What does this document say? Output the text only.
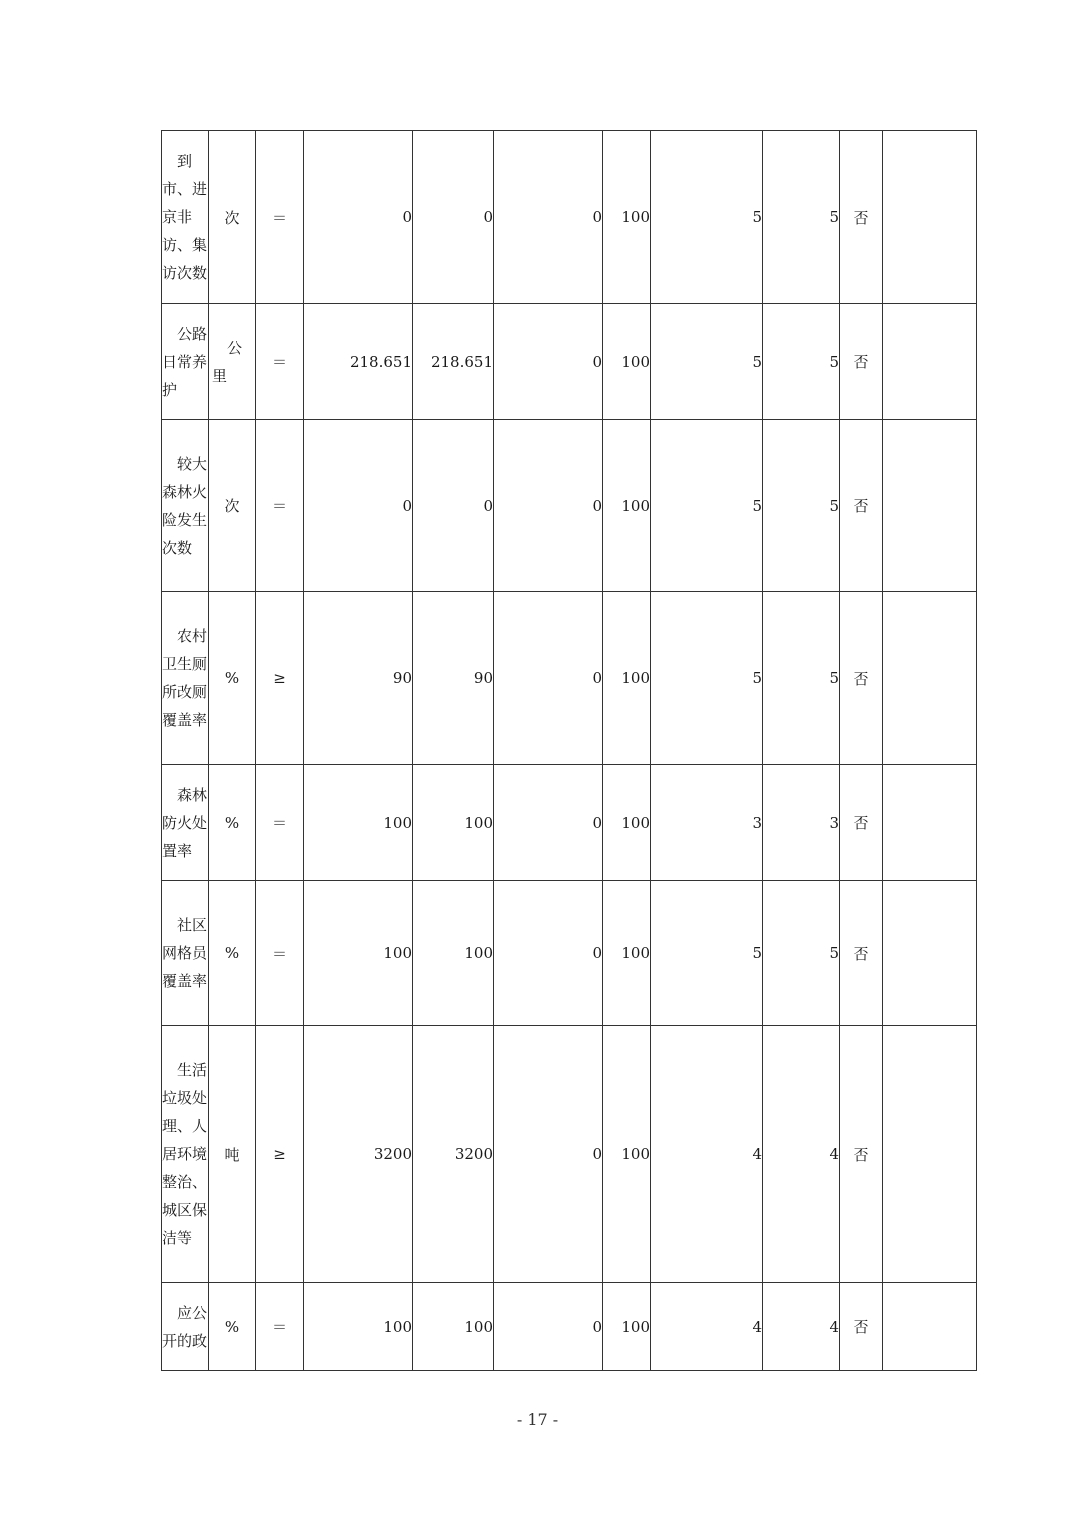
到市、进京非访、集访次数	次	＝	0	0	0	100	5	5	否	
公路日常养护	公里	＝	218.651	218.651	0	100	5	5	否	
较大森林火险发生次数	次	＝	0	0	0	100	5	5	否	
农村卫生厕所改厕覆盖率	%	≥	90	90	0	100	5	5	否	
森林防火处置率	%	＝	100	100	0	100	3	3	否	
社区网格员覆盖率	%	＝	100	100	0	100	5	5	否	
生活垃圾处理、人居环境整治、城区保洁等	吨	≥	3200	3200	0	100	4	4	否	
应公开的政	%	＝	100	100	0	100	4	4	否	
- 17 -
